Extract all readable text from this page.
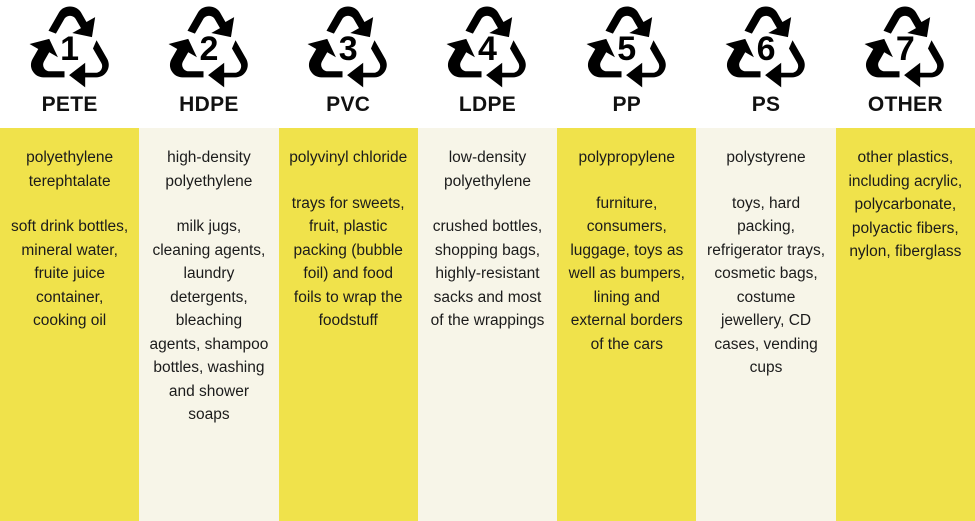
1
PETE

polyethylene terephtalate

soft drink bottles, mineral water, fruite juice container, cooking oil

2
HDPE

high-density polyethylene

milk jugs, cleaning agents, laundry detergents, bleaching agents, shampoo bottles, washing and shower soaps

3
PVC

polyvinyl chloride

trays for sweets, fruit, plastic packing (bubble foil) and food foils to wrap the foodstuff

4
LDPE

low-density polyethylene

crushed bottles, shopping bags, highly-resistant sacks and most of the wrappings

5
PP

polypropylene

furniture, consumers, luggage, toys as well as bumpers, lining and external borders of the cars

6
PS

polystyrene

toys, hard packing, refrigerator trays, cosmetic bags, costume jewellery, CD cases, vending cups

7
OTHER

other plastics, including acrylic, polycarbonate, polyactic fibers, nylon, fiberglass
